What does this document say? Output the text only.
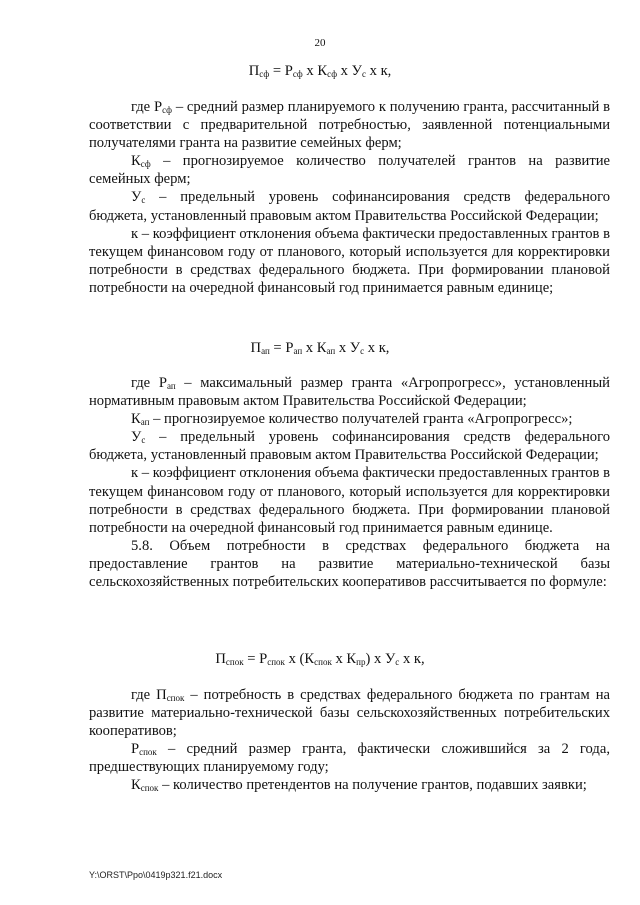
20
$П_{сф} = Р_{сф}$ х $К_{сф}$ х $У_с$ х к,

где $Р_{сф}$ – средний размер планируемого к получению гранта, рассчитанный в соответствии с предварительной потребностью, заявленной потенциальными получателями гранта на развитие семейных ферм;

$К_{сф}$ – прогнозируемое количество получателей грантов на развитие семейных ферм;

$У_с$ – предельный уровень софинансирования средств федерального бюджета, установленный правовым актом Правительства Российской Федерации;

к – коэффициент отклонения объема фактически предоставленных грантов в текущем финансовом году от планового, который используется для корректировки потребности в средствах федерального бюджета. При формировании плановой потребности на очередной финансовый год принимается равным единице;

$П_{ап} = Р_{ап}$ х $К_{ап}$ х $У_с$ х к,

где $Р_{ап}$ – максимальный размер гранта «Агропрогресс», установленный нормативным правовым актом Правительства Российской Федерации;

$К_{ап}$ – прогнозируемое количество получателей гранта «Агропрогресс»;

$У_с$ – предельный уровень софинансирования средств федерального бюджета, установленный правовым актом Правительства Российской Федерации;

к – коэффициент отклонения объема фактически предоставленных грантов в текущем финансовом году от планового, который используется для корректировки потребности в средствах федерального бюджета. При формировании плановой потребности на очередной финансовый год принимается равным единице.

5.8. Объем потребности в средствах федерального бюджета на предоставление грантов на развитие материально-технической базы сельскохозяйственных потребительских кооперативов рассчитывается по формуле:

$П_{спок} = Р_{спок}$ х ($К_{спок}$ х $К_{пр}$) х $У_с$ х к,

где $П_{спок}$ – потребность в средствах федерального бюджета по грантам на развитие материально-технической базы сельскохозяйственных потребительских кооперативов;

$Р_{спок}$ – средний размер гранта, фактически сложившийся за 2 года, предшествующих планируемому году;

$К_{спок}$ – количество претендентов на получение грантов, подавших заявки;

Y:\ORST\Ppo\0419p321.f21.docx
